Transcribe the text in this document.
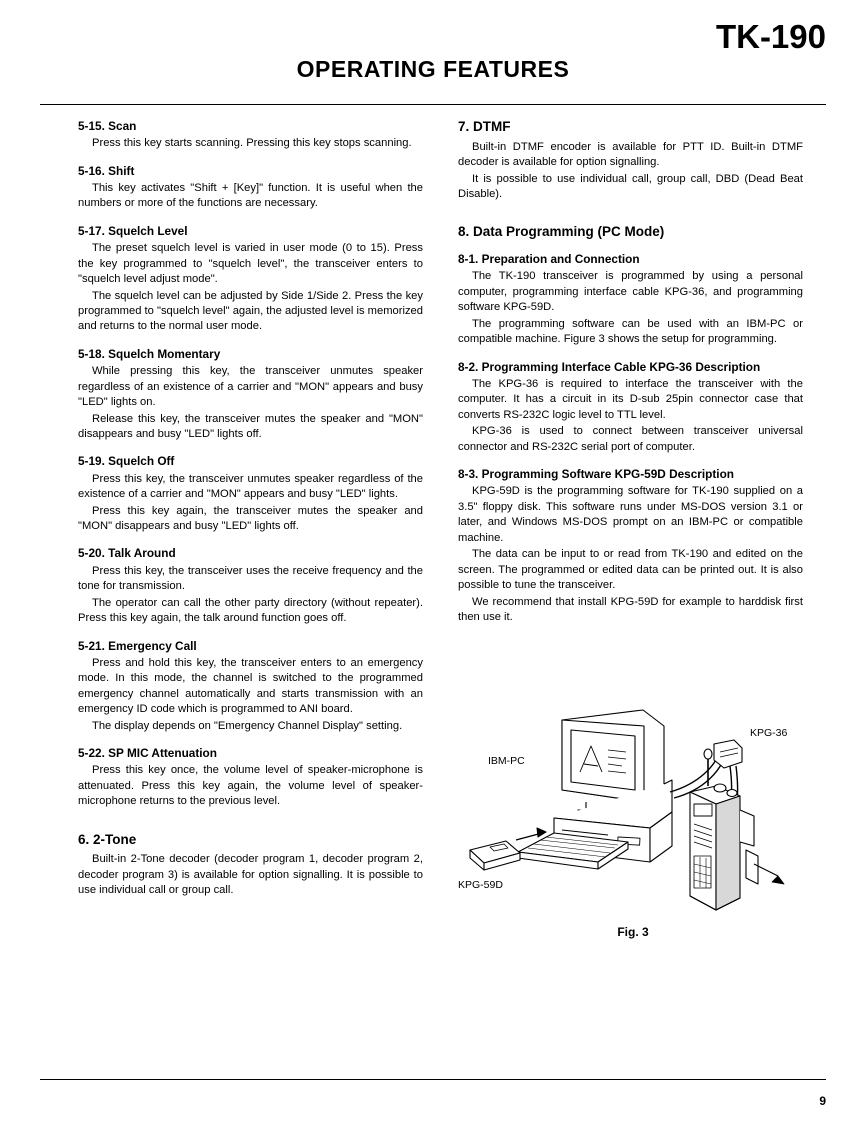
TK-190
OPERATING FEATURES
5-15. Scan

Press this key starts scanning. Pressing this key stops scanning.

5-16. Shift

This key activates "Shift + [Key]" function. It is useful when the numbers or more of the functions are necessary.

5-17. Squelch Level

The preset squelch level is varied in user mode (0 to 15). Press the key programmed to "squelch level", the transceiver enters to "squelch level adjust mode".

The squelch level can be adjusted by Side 1/Side 2. Press the key programmed to "squelch level" again, the adjusted level is memorized and returns to the normal user mode.

5-18. Squelch Momentary

While pressing this key, the transceiver unmutes speaker regardless of an existence of a carrier and "MON" appears and busy "LED" lights on.

Release this key, the transceiver mutes the speaker and "MON" disappears and busy "LED" lights off.

5-19. Squelch Off

Press this key, the transceiver unmutes speaker regardless of the existence of a carrier and "MON" appears and busy "LED" lights.

Press this key again, the transceiver mutes the speaker and "MON" disappears and busy "LED" lights off.

5-20. Talk Around

Press this key, the transceiver uses the receive frequency and the tone for transmission.

The operator can call the other party directory (without repeater). Press this key again, the talk around function goes off.

5-21. Emergency Call

Press and hold this key, the transceiver enters to an emergency mode. In this mode, the channel is switched to the programmed emergency channel automatically and starts transmission with an emergency ID code which is programmed to ANI board.

The display depends on "Emergency Channel Display" setting.

5-22. SP MIC Attenuation

Press this key once, the volume level of speaker-microphone is attenuated. Press this key again, the volume level of speaker-microphone returns to the previous level.

6. 2-Tone

Built-in 2-Tone decoder (decoder program 1, decoder program 2, decoder program 3) is available for option signalling. It is possible to use individual call or group call.

7. DTMF

Built-in DTMF encoder is available for PTT ID. Built-in DTMF decoder is available for option signalling.

It is possible to use individual call, group call, DBD (Dead Beat Disable).

8. Data Programming (PC Mode)
8-1. Preparation and Connection

The TK-190 transceiver is programmed by using a personal computer, programming interface cable KPG-36, and programming software KPG-59D.

The programming software can be used with an IBM-PC or compatible machine. Figure 3 shows the setup for programming.

8-2. Programming Interface Cable KPG-36 Description

The KPG-36 is required to interface the transceiver with the computer. It has a circuit in its D-sub 25pin connector case that converts RS-232C logic level to TTL level.

KPG-36 is used to connect between transceiver universal connector and RS-232C serial port of computer.

8-3. Programming Software KPG-59D Description

KPG-59D is the programming software for TK-190 supplied on a 3.5" floppy disk. This software runs under MS-DOS version 3.1 or later, and Windows MS-DOS prompt on an IBM-PC or compatible machine.

The data can be input to or read from TK-190 and edited on the screen. The programmed or edited data can be printed out. It is also possible to tune the transceiver.

We recommend that install KPG-59D for example to harddisk first then use it.

KPG-59D
IBM-PC
KPG-36
Fig. 3
9
